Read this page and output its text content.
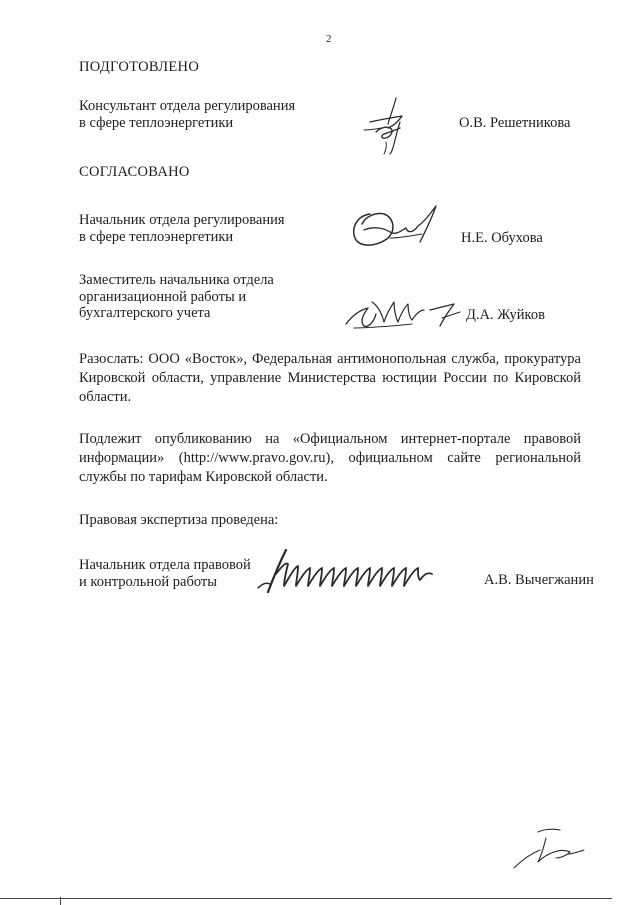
2
ПОДГОТОВЛЕНО
Консультант отдела регулирования
в сфере теплоэнергетики	О.В. Решетникова
СОГЛАСОВАНО
Начальник отдела регулирования
в сфере теплоэнергетики	Н.Е. Обухова
Заместитель начальника отдела
организационной работы и
бухгалтерского учета	Д.А. Жуйков
Разослать: ООО «Восток», Федеральная антимонопольная служба, прокуратура Кировской области, управление Министерства юстиции России по Кировской области.
Подлежит опубликованию на «Официальном интернет-портале правовой информации» (http://www.pravo.gov.ru), официальном сайте региональной службы по тарифам Кировской области.
Правовая экспертиза проведена:
Начальник отдела правовой
и контрольной работы	А.В. Вычегжанин
